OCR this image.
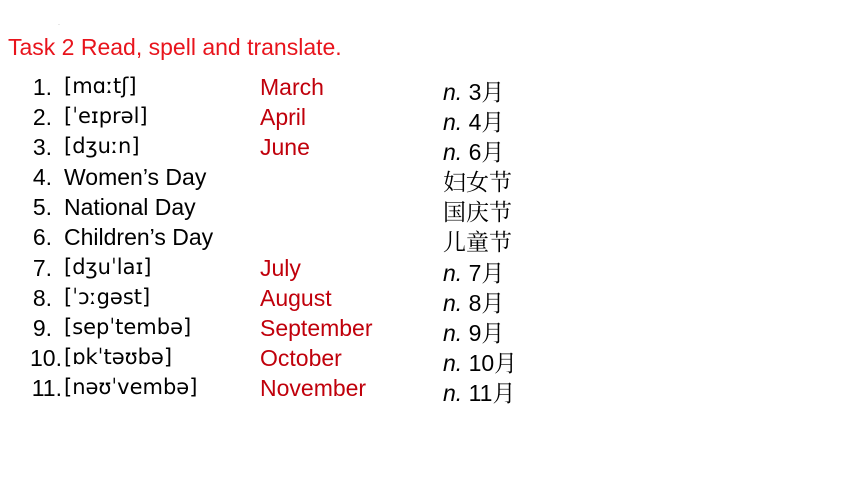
·
Task 2 Read, spell and translate.
1. [mɑːtʃ]	March	n. 3月
2. [ˈeɪprəl]	April	n. 4月
3. [dʒuːn]	June	n. 6月
4. Women’s Day	妇女节
5. National Day	国庆节
6. Children’s Day	儿童节
7. [dʒuˈlaɪ]	July	n. 7月
8. [ˈɔːgəst]	August	n. 8月
9. [sepˈtembə]	September	n. 9月
10. [ɒkˈtəʊbə]	October	n. 10月
11. [nəʊˈvembə]	November	n. 11月
